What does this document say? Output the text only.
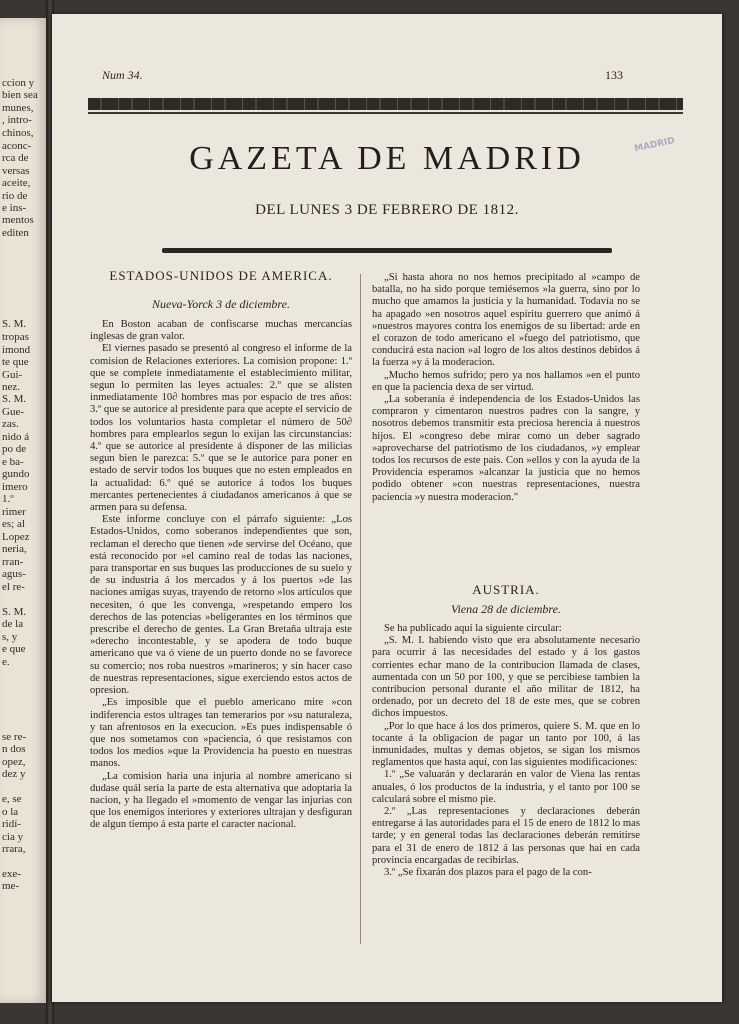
ccion y
bien sea
munes,
, intro-
chinos,
aconc-
rca de
versas
aceite,
rio de
e ins-
mentos
editen
S. M.
tropas
imond
te que
Gui-
nez.
S. M.
Gue-
zas.
nido á
po de
e ba-
gundo
imero
1.º
rimer
es; al
Lopez
neria,
rran-
agus-
el re-
S. M.
de la
s, y
e que
e.
se re-
n dos
opez,
dez y
e, se
o la
ridí-
cia y
rrara,
exe-
me-
Num 34.	133
GAZETA DE MADRID	MADRID
DEL LUNES 3 DE FEBRERO DE 1812.
ESTADOS-UNIDOS DE AMERICA.
Nueva-Yorck 3 de diciembre.

En Boston acaban de confiscarse muchas mercancías inglesas de gran valor.

El viernes pasado se presentó al congreso el informe de la comision de Relaciones exteriores. La comision propone: 1.º que se complete inmediatamente el establecimiento militar, segun lo permiten las leyes actuales: 2.º que se alisten inmediatamente 10∂ hombres mas por espacio de tres años: 3.º que se autorice al presidente para que acepte el servicio de todos los voluntarios hasta completar el número de 50∂ hombres para emplearlos segun lo exijan las circunstancias: 4.º que se autorice al presidente á disponer de las milicias segun bien le parezca: 5.º que se le autorice para poner en estado de servir todos los buques que no esten empleados en la actualidad: 6.º qué se autorice á todos los buques mercantes pertenecientes á ciudadanos americanos á que se armen para su defensa.

Este informe concluye con el párrafo siguiente: „Los Estados-Unidos, como soberanos independientes que son, reclaman el derecho que tienen »de servirse del Océano, que está reconocido por »el camino real de todas las naciones, para transportar en sus buques las producciones de su suelo y de su industria á los mercados y á los puertos »de las naciones amigas suyas, trayendo de retorno »los artículos que necesiten, ó que les convenga, »respetando empero los derechos de las potencias »beligerantes en los términos que prescribe el derecho de gentes. La Gran Bretaña ultraja este »derecho incontestable, y se apodera de todo buque americano que va ó viene de un puerto donde no se favorece su comercio; nos roba nuestros »marineros; y sin hacer caso de nuestras representaciones, sigue exerciendo estos actos de opresion.

„Es imposible que el pueblo americano mire »con indiferencia estos ultrages tan temerarios por »su naturaleza, y tan afrentosos en la execucion. »Es pues indispensable ó que nos sometamos con »paciencia, ó que resistamos con todos los medios »que la Providencia ha puesto en nuestras manos.

„La comision haria una injuria al nombre americano si dudase quál seria la parte de esta alternativa que adoptaria la nacion, y ha llegado el »momento de vengar las injurias con que los enemigos interiores y exteriores ultrajan y desfiguran de algun tiempo á esta parte el caracter nacional.

„Si hasta ahora no nos hemos precipitado al »campo de batalla, no ha sido porque temiésemos »la guerra, sino por lo mucho que amamos la justicia y la humanidad. Todavía no se ha apagado »en nosotros aquel espíritu guerrero que animó á »nuestros mayores contra los enemigos de su libertad: arde en el corazon de todo americano el »fuego del patriotismo, que conducirá esta nacion »al logro de los altos destinos debidos á la fuerza »y á la moderacion.

„Mucho hemos sufrido; pero ya nos hallamos »en el punto en que la paciencia dexa de ser virtud.

„La soberanía é independencia de los Estados-Unidos las compraron y cimentaron nuestros padres con la sangre, y nosotros debemos transmitir esta preciosa herencia á nuestros hijos. El »congreso debe mirar como un deber sagrado »aprovecharse del patriotismo de los ciudadanos, »y emplear todos los recursos de este pais. Con »ellos y con la ayuda de la Providencia esperamos »alcanzar la justicia que no hemos podido obtener »con nuestras representaciones, nuestra paciencia »y nuestra moderacion."

AUSTRIA.
Viena 28 de diciembre.

Se ha publicado aquí la siguiente circular:

„S. M. I. habiendo visto que era absolutamente necesario para ocurrir á las necesidades del estado y á los gastos corrientes echar mano de la contribucion llamada de clases, aumentada con un 50 por 100, y que se percibiese tambien la contribucion personal durante el año militar de 1812, ha ordenado, por un decreto del 18 de este mes, que se cobren dichos impuestos.

„Por lo que hace á los dos primeros, quiere S. M. que en lo tocante á la obligacion de pagar un tanto por 100, á las inmunidades, multas y demas objetos, se sigan los mismos reglamentos que hasta aquí, con las siguientes modificaciones:

1.º „Se valuarán y declararán en valor de Viena las rentas anuales, ó los productos de la industria, y el tanto por 100 se calculará sobre el mismo pie.

2.º „Las representaciones y declaraciones deberán entregarse á las autoridades para el 15 de enero de 1812 lo mas tarde; y en general todas las declaraciones deberán remitirse para el 31 de enero de 1812 á las personas que hai en cada provincia encargadas de recibirlas.

3.º „Se fixarán dos plazos para el pago de la con-
